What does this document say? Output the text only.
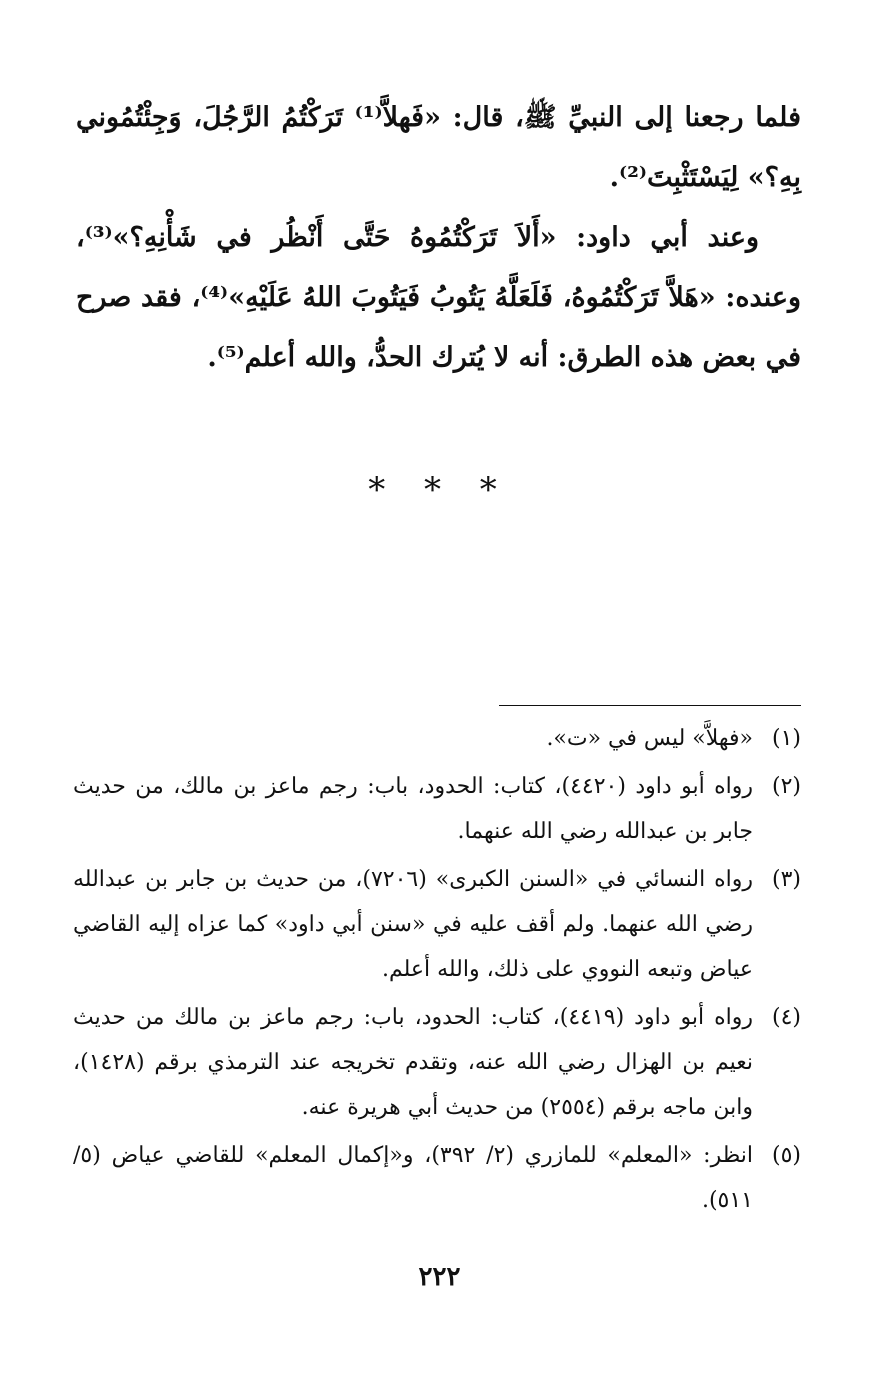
فلما رجعنا إلى النبيِّ ﷺ، قال: «فَهلاَّ⁽¹⁾ تَرَكْتُمُ الرَّجُلَ، وَجِئْتُمُوني بِهِ؟» لِيَسْتَثْبِتَ⁽²⁾.

وعند أبي داود: «أَلاَ تَرَكْتُمُوهُ حَتَّى أَنْظُر في شَأْنِهِ؟»⁽³⁾، وعنده: «هَلاَّ تَرَكْتُمُوهُ، فَلَعَلَّهُ يَتُوبُ فَيَتُوبَ اللهُ عَلَيْهِ»⁽⁴⁾، فقد صرح في بعض هذه الطرق: أنه لا يُترك الحدُّ، والله أعلم⁽⁵⁾.

* * *
(١)
«فهلاَّ» ليس في «ت».
(٢)
رواه أبو داود (٤٤٢٠)، كتاب: الحدود، باب: رجم ماعز بن مالك، من حديث جابر بن عبدالله رضي الله عنهما.
(٣)
رواه النسائي في «السنن الكبرى» (٧٢٠٦)، من حديث بن جابر بن عبدالله رضي الله عنهما. ولم أقف عليه في «سنن أبي داود» كما عزاه إليه القاضي عياض وتبعه النووي على ذلك، والله أعلم.
(٤)
رواه أبو داود (٤٤١٩)، كتاب: الحدود، باب: رجم ماعز بن مالك من حديث نعيم بن الهزال رضي الله عنه، وتقدم تخريجه عند الترمذي برقم (١٤٢٨)، وابن ماجه برقم (٢٥٥٤) من حديث أبي هريرة عنه.
(٥)
انظر: «المعلم» للمازري (٢/ ٣٩٢)، و«إكمال المعلم» للقاضي عياض (٥/ ٥١١).
٢٢٢
